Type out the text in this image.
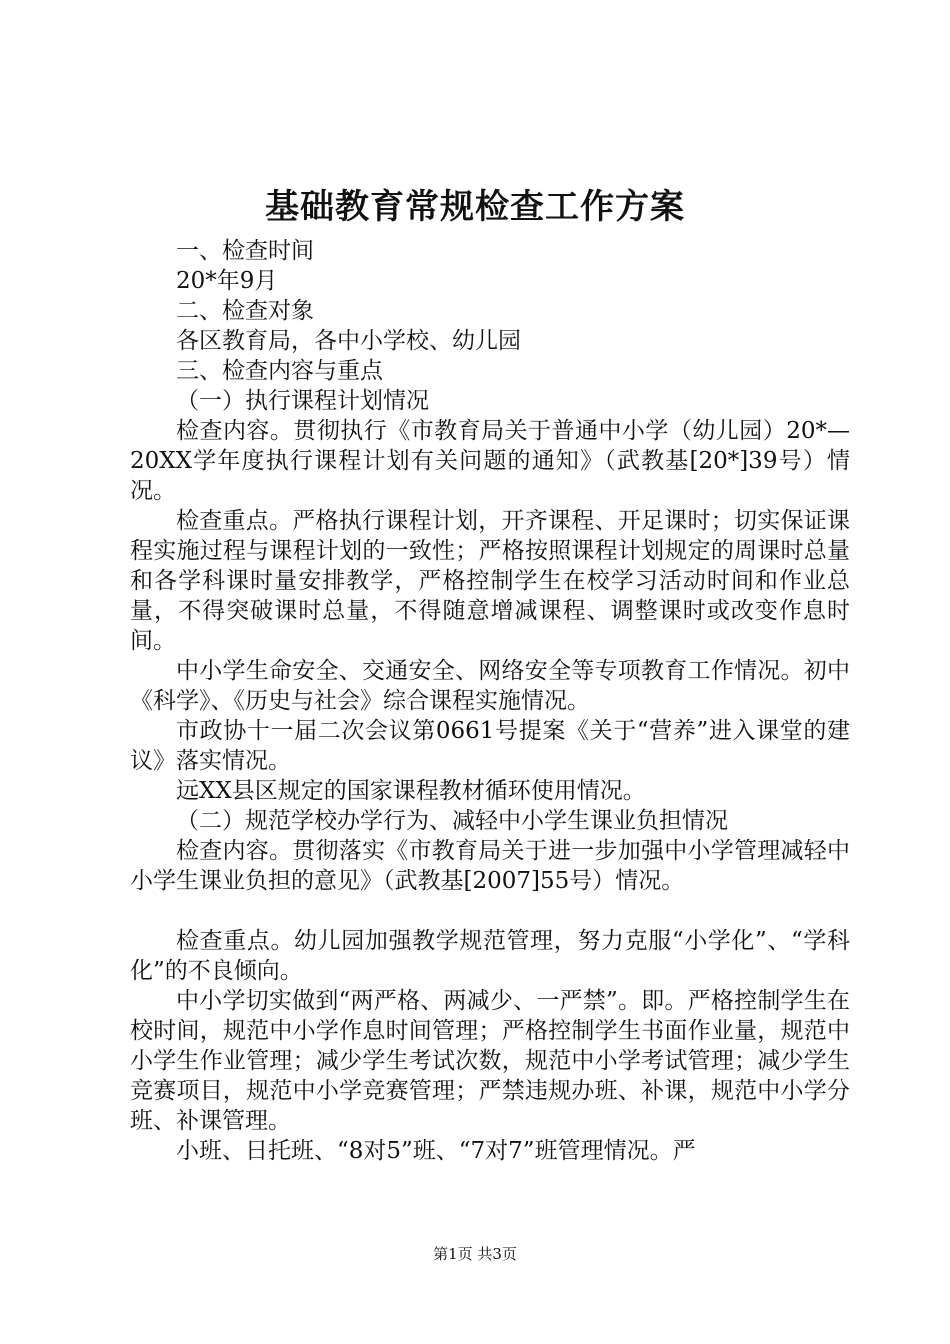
基础教育常规检查工作方案

一、检查时间

20*年9月

二、检查对象

各区教育局，各中小学校、幼儿园

三、检查内容与重点

（一）执行课程计划情况

检查内容。贯彻执行《市教育局关于普通中小学（幼儿园）20*—20XX学年度执行课程计划有关问题的通知》（武教基[20*]39号）情况。

检查重点。严格执行课程计划，开齐课程、开足课时；切实保证课程实施过程与课程计划的一致性；严格按照课程计划规定的周课时总量和各学科课时量安排教学，严格控制学生在校学习活动时间和作业总量，不得突破课时总量，不得随意增减课程、调整课时或改变作息时间。

中小学生命安全、交通安全、网络安全等专项教育工作情况。初中《科学》、《历史与社会》综合课程实施情况。

市政协十一届二次会议第0661号提案《关于“营养”进入课堂的建议》落实情况。

远XX县区规定的国家课程教材循环使用情况。

（二）规范学校办学行为、减轻中小学生课业负担情况

检查内容。贯彻落实《市教育局关于进一步加强中小学管理减轻中小学生课业负担的意见》（武教基[2007]55号）情况。

检查重点。幼儿园加强教学规范管理，努力克服“小学化”、“学科化”的不良倾向。

中小学切实做到“两严格、两减少、一严禁”。即。严格控制学生在校时间，规范中小学作息时间管理；严格控制学生书面作业量，规范中小学生作业管理；减少学生考试次数，规范中小学考试管理；减少学生竞赛项目，规范中小学竞赛管理；严禁违规办班、补课，规范中小学分班、补课管理。

小班、日托班、“8对5”班、“7对7”班管理情况。严

第1页 共3页
